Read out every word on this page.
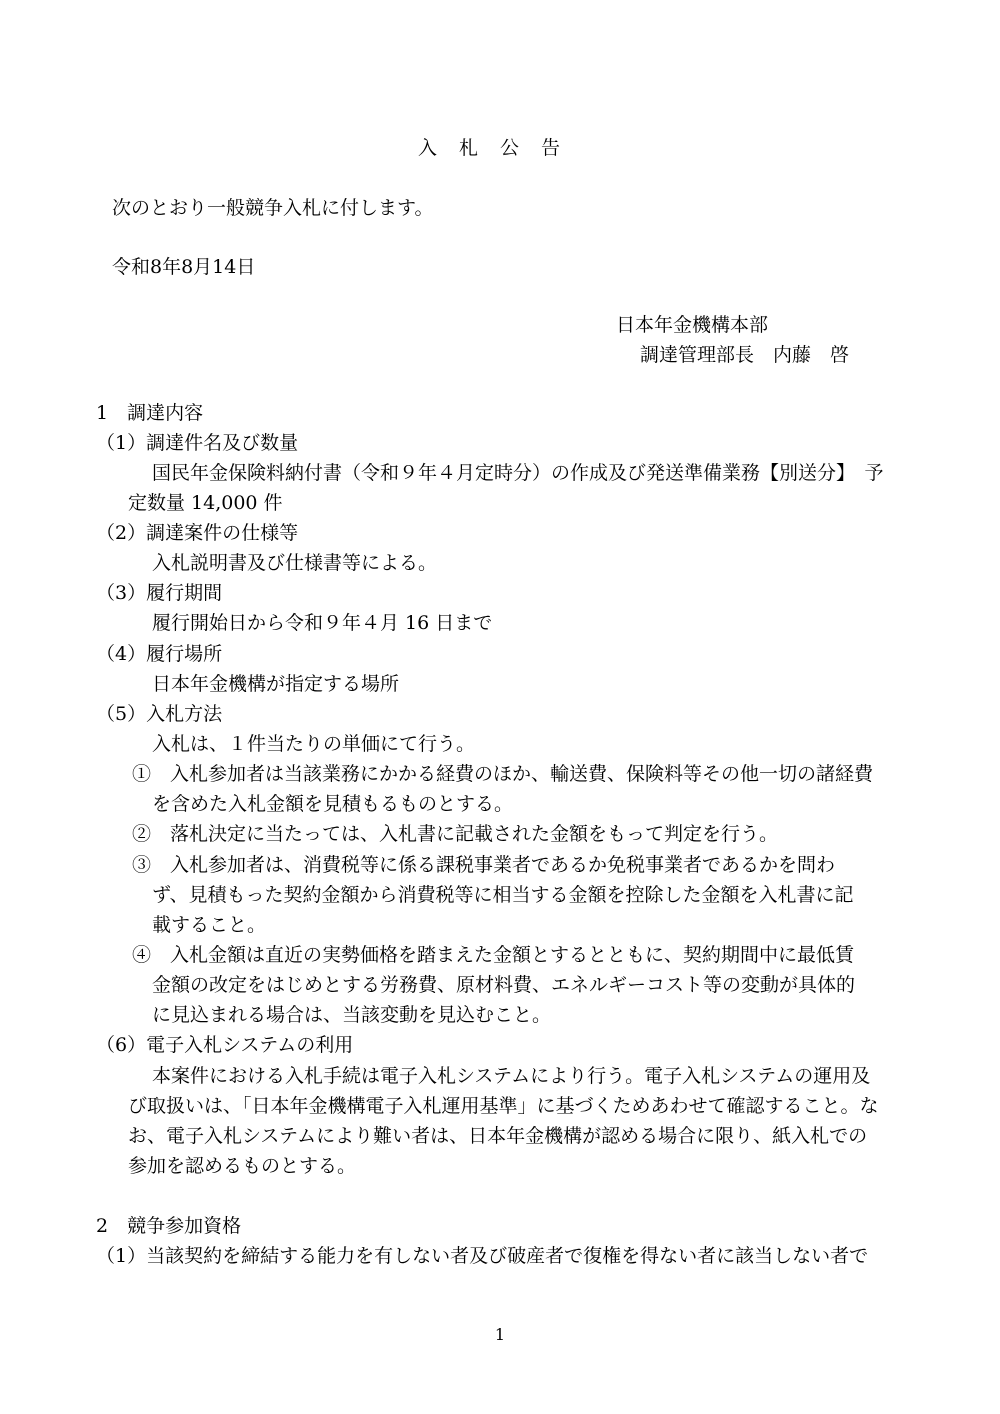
入札公告
次のとおり一般競争入札に付します。
令和8年8月14日
日本年金機構本部
調達管理部長　内藤　啓
1　調達内容
（1）調達件名及び数量
国民年金保険料納付書（令和９年４月定時分）の作成及び発送準備業務【別送分】　予
定数量 14,000 件
（2）調達案件の仕様等
入札説明書及び仕様書等による。
（3）履行期間
履行開始日から令和９年４月 16 日まで
（4）履行場所
日本年金機構が指定する場所
（5）入札方法
入札は、１件当たりの単価にて行う。
①　入札参加者は当該業務にかかる経費のほか、輸送費、保険料等その他一切の諸経費
を含めた入札金額を見積もるものとする。
②　落札決定に当たっては、入札書に記載された金額をもって判定を行う。
③　入札参加者は、消費税等に係る課税事業者であるか免税事業者であるかを問わ
ず、見積もった契約金額から消費税等に相当する金額を控除した金額を入札書に記
載すること。
④　入札金額は直近の実勢価格を踏まえた金額とするとともに、契約期間中に最低賃
金額の改定をはじめとする労務費、原材料費、エネルギーコスト等の変動が具体的
に見込まれる場合は、当該変動を見込むこと。
（6）電子入札システムの利用
本案件における入札手続は電子入札システムにより行う。電子入札システムの運用及
び取扱いは、「日本年金機構電子入札運用基準」に基づくためあわせて確認すること。な
お、電子入札システムにより難い者は、日本年金機構が認める場合に限り、紙入札での
参加を認めるものとする。
2　競争参加資格
（1）当該契約を締結する能力を有しない者及び破産者で復権を得ない者に該当しない者で
1
